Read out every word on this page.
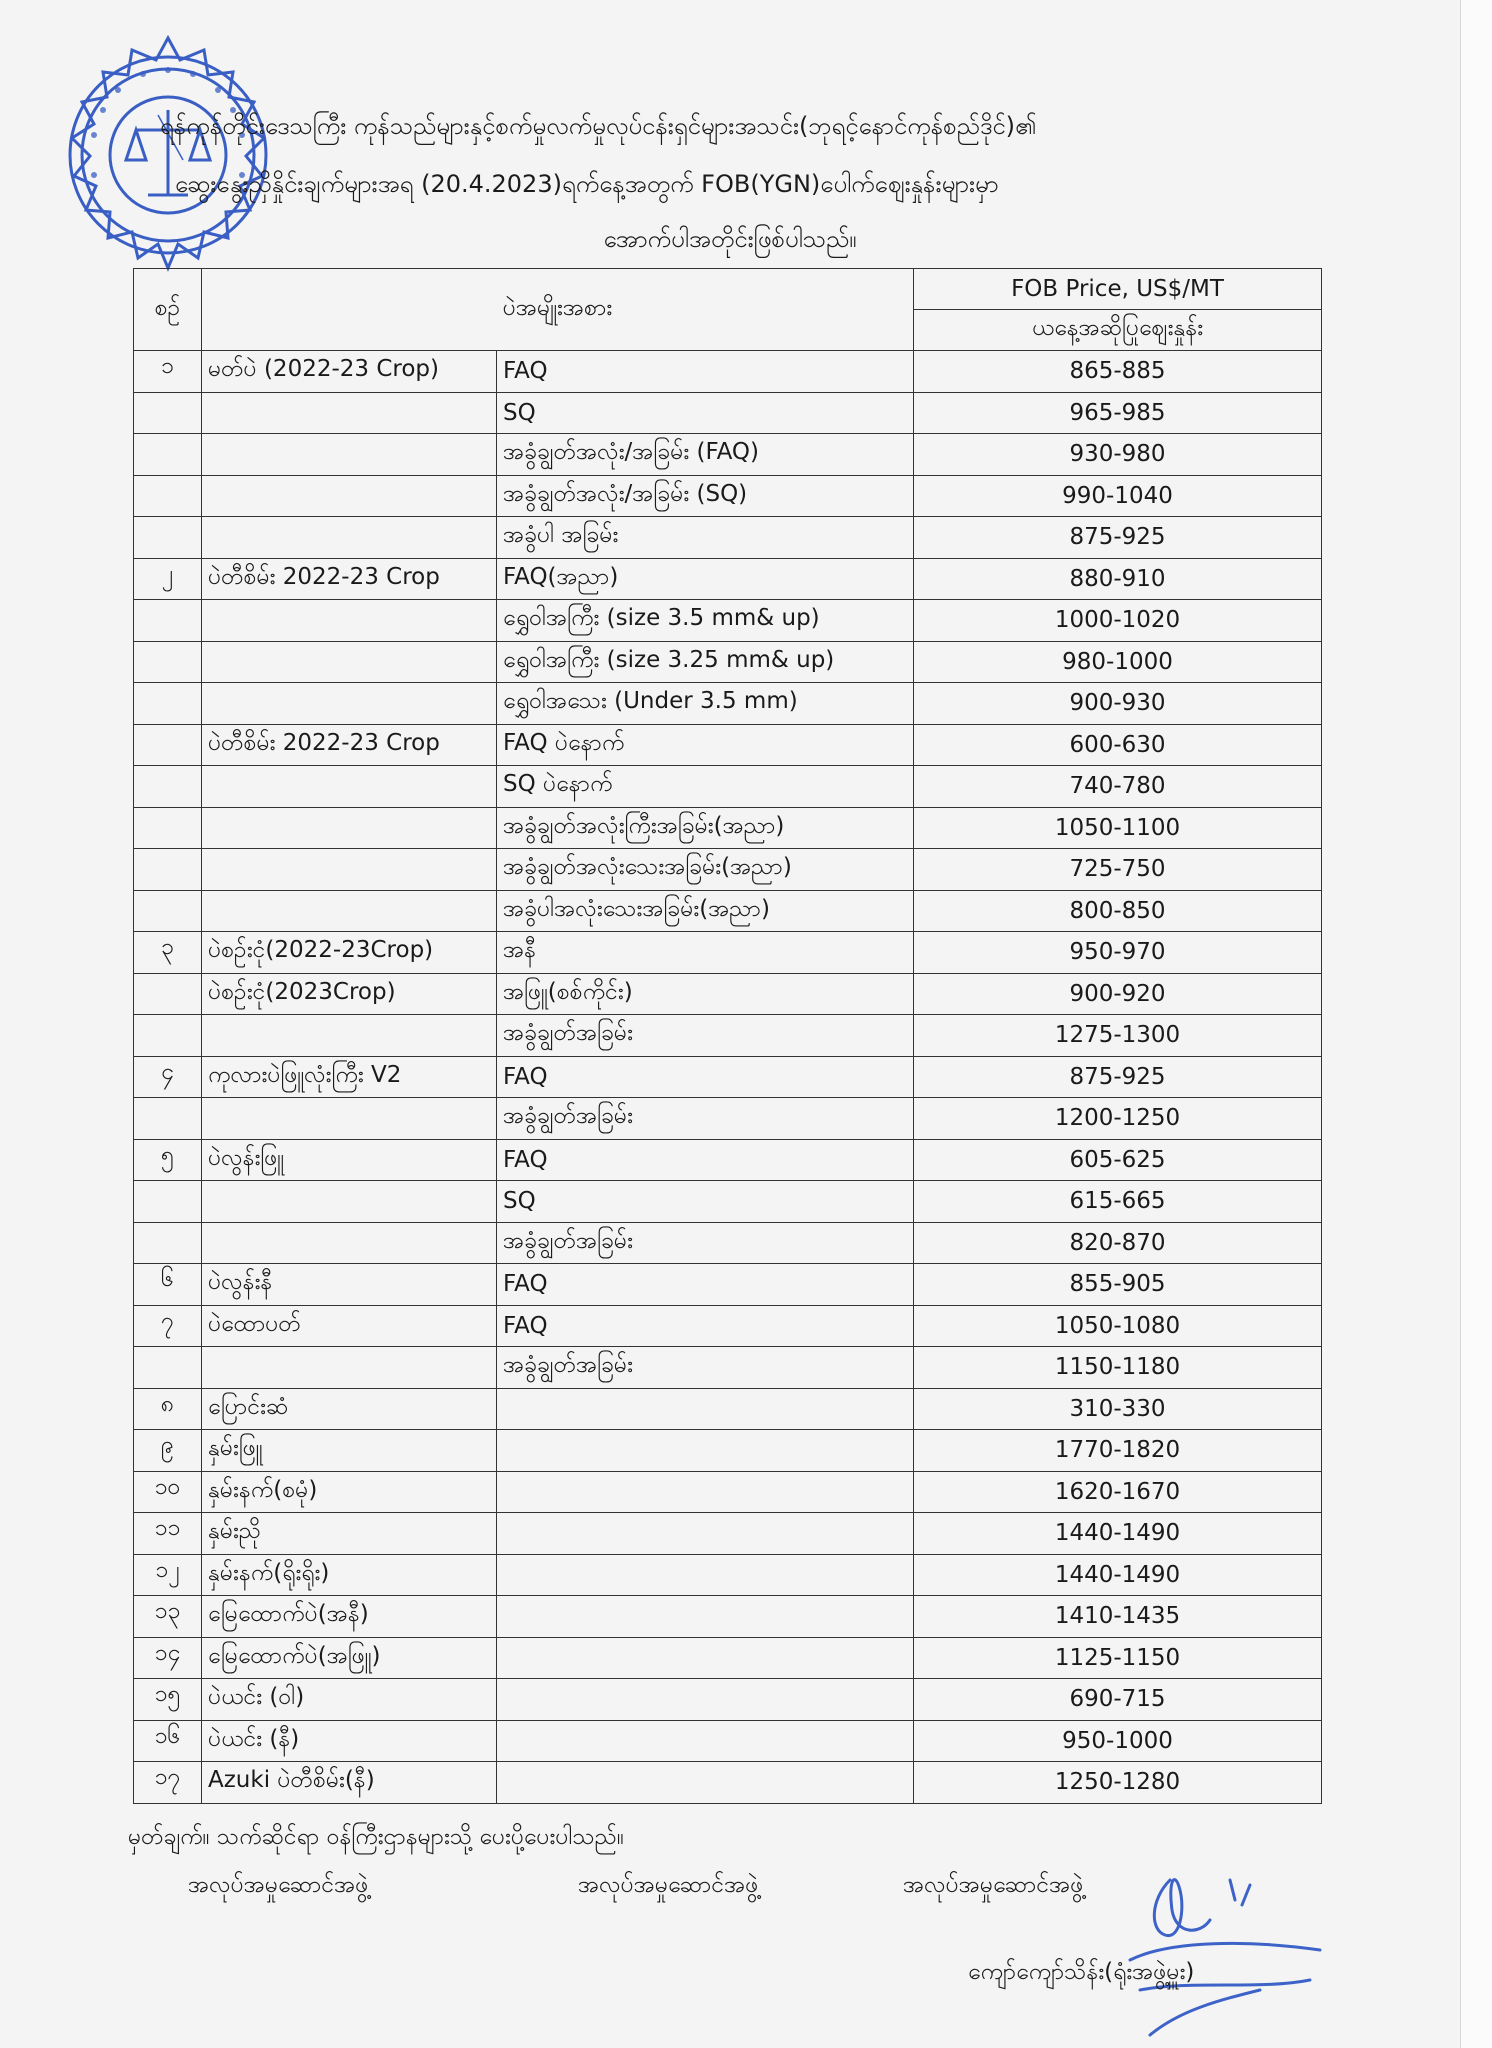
ရန်ကုန်တိုင်းဒေသကြီး ကုန်သည်များနှင့်စက်မှုလက်မှုလုပ်ငန်းရှင်များအသင်း(ဘုရင့်နောင်ကုန်စည်ဒိုင်)၏
ဆွေးနွေးညှိနှိုင်းချက်များအရ (20.4.2023)ရက်နေ့အတွက် FOB(YGN)ပေါက်ဈေးနှုန်းများမှာ
အောက်ပါအတိုင်းဖြစ်ပါသည်။
စဉ်	ပဲအမျိုးအစား		FOB Price, US$/MT
			ယနေ့အဆိုပြုဈေးနှုန်း
၁	မတ်ပဲ (2022-23 Crop)	FAQ	865-885
		SQ	965-985
		အခွံချွတ်အလုံး/အခြမ်း (FAQ)	930-980
		အခွံချွတ်အလုံး/အခြမ်း (SQ)	990-1040
		အခွံပါ အခြမ်း	875-925
၂	ပဲတီစိမ်း 2022-23 Crop	FAQ(အညာ)	880-910
		ရွှေဝါအကြီး (size 3.5 mm& up)	1000-1020
		ရွှေဝါအကြီး (size 3.25 mm& up)	980-1000
		ရွှေဝါအသေး (Under 3.5 mm)	900-930
	ပဲတီစိမ်း 2022-23 Crop	FAQ ပဲနောက်	600-630
		SQ ပဲနောက်	740-780
		အခွံချွတ်အလုံးကြီးအခြမ်း(အညာ)	1050-1100
		အခွံချွတ်အလုံးသေးအခြမ်း(အညာ)	725-750
		အခွံပါအလုံးသေးအခြမ်း(အညာ)	800-850
၃	ပဲစဉ်းငုံ(2022-23Crop)	အနီ	950-970
	ပဲစဉ်းငုံ(2023Crop)	အဖြူ(စစ်ကိုင်း)	900-920
		အခွံချွတ်အခြမ်း	1275-1300
၄	ကုလားပဲဖြူလုံးကြီး V2	FAQ	875-925
		အခွံချွတ်အခြမ်း	1200-1250
၅	ပဲလွန်းဖြူ	FAQ	605-625
		SQ	615-665
		အခွံချွတ်အခြမ်း	820-870
၆	ပဲလွန်းနီ	FAQ	855-905
၇	ပဲထောပတ်	FAQ	1050-1080
		အခွံချွတ်အခြမ်း	1150-1180
၈	ပြောင်းဆံ		310-330
၉	နှမ်းဖြူ		1770-1820
၁၀	နှမ်းနက်(စမုံ)		1620-1670
၁၁	နှမ်းညို		1440-1490
၁၂	နှမ်းနက်(ရိုးရိုး)		1440-1490
၁၃	မြေထောက်ပဲ(အနီ)		1410-1435
၁၄	မြေထောက်ပဲ(အဖြူ)		1125-1150
၁၅	ပဲယင်း (ဝါ)		690-715
၁၆	ပဲယင်း (နီ)		950-1000
၁၇	Azuki ပဲတီစိမ်း(နီ)		1250-1280
မှတ်ချက်။ သက်ဆိုင်ရာ ဝန်ကြီးဌာနများသို့ ပေးပို့ပေးပါသည်။
အလုပ်အမှုဆောင်အဖွဲ့	အလုပ်အမှုဆောင်အဖွဲ့	အလုပ်အမှုဆောင်အဖွဲ့
ကျော်ကျော်သိန်း(ရုံးအဖွဲ့မှူး)
